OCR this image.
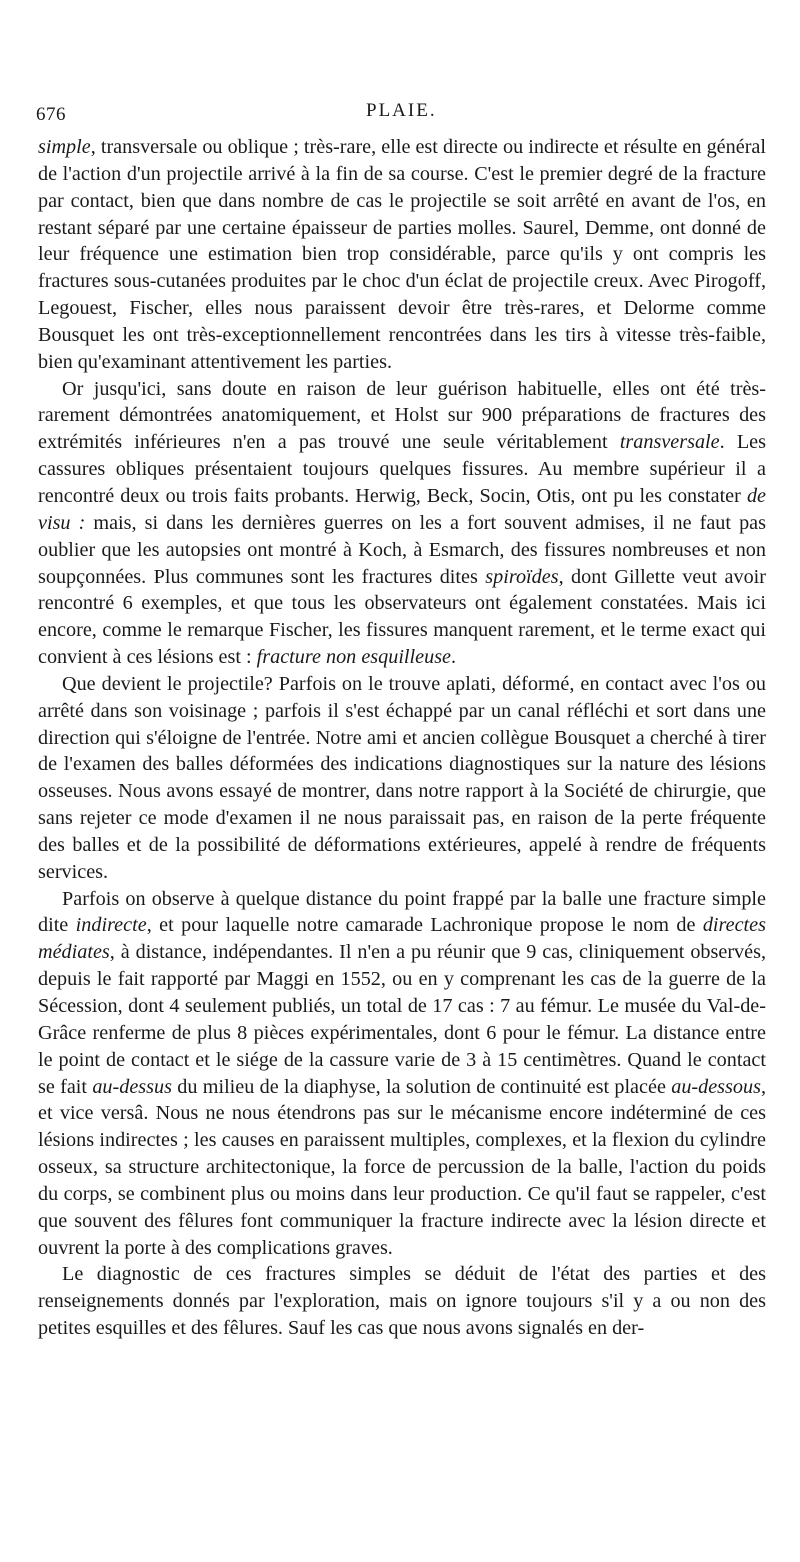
676	PLAIE.

simple, transversale ou oblique ; très-rare, elle est directe ou indirecte et résulte en général de l'action d'un projectile arrivé à la fin de sa course. C'est le premier degré de la fracture par contact, bien que dans nombre de cas le projectile se soit arrêté en avant de l'os, en restant séparé par une certaine épaisseur de parties molles. Saurel, Demme, ont donné de leur fréquence une estimation bien trop considérable, parce qu'ils y ont compris les fractures sous-cutanées produites par le choc d'un éclat de projectile creux. Avec Pirogoff, Legouest, Fischer, elles nous paraissent devoir être très-rares, et Delorme comme Bousquet les ont très-exceptionnellement rencontrées dans les tirs à vitesse très-faible, bien qu'examinant attentivement les parties.

Or jusqu'ici, sans doute en raison de leur guérison habituelle, elles ont été très-rarement démontrées anatomiquement, et Holst sur 900 préparations de fractures des extrémités inférieures n'en a pas trouvé une seule véritablement transversale. Les cassures obliques présentaient toujours quelques fissures. Au membre supérieur il a rencontré deux ou trois faits probants. Herwig, Beck, Socin, Otis, ont pu les constater de visu : mais, si dans les dernières guerres on les a fort souvent admises, il ne faut pas oublier que les autopsies ont montré à Koch, à Esmarch, des fissures nombreuses et non soupçonnées. Plus communes sont les fractures dites spiroïdes, dont Gillette veut avoir rencontré 6 exemples, et que tous les observateurs ont également constatées. Mais ici encore, comme le remarque Fischer, les fissures manquent rarement, et le terme exact qui convient à ces lésions est : fracture non esquilleuse.

Que devient le projectile? Parfois on le trouve aplati, déformé, en contact avec l'os ou arrêté dans son voisinage ; parfois il s'est échappé par un canal réfléchi et sort dans une direction qui s'éloigne de l'entrée. Notre ami et ancien collègue Bousquet a cherché à tirer de l'examen des balles déformées des indications diagnostiques sur la nature des lésions osseuses. Nous avons essayé de montrer, dans notre rapport à la Société de chirurgie, que sans rejeter ce mode d'examen il ne nous paraissait pas, en raison de la perte fréquente des balles et de la possibilité de déformations extérieures, appelé à rendre de fréquents services.

Parfois on observe à quelque distance du point frappé par la balle une fracture simple dite indirecte, et pour laquelle notre camarade Lachronique propose le nom de directes médiates, à distance, indépendantes. Il n'en a pu réunir que 9 cas, cliniquement observés, depuis le fait rapporté par Maggi en 1552, ou en y comprenant les cas de la guerre de la Sécession, dont 4 seulement publiés, un total de 17 cas : 7 au fémur. Le musée du Val-de-Grâce renferme de plus 8 pièces expérimentales, dont 6 pour le fémur. La distance entre le point de contact et le siége de la cassure varie de 3 à 15 centimètres. Quand le contact se fait au-dessus du milieu de la diaphyse, la solution de continuité est placée au-dessous, et vice versâ. Nous ne nous étendrons pas sur le mécanisme encore indéterminé de ces lésions indirectes ; les causes en paraissent multiples, complexes, et la flexion du cylindre osseux, sa structure architectonique, la force de percussion de la balle, l'action du poids du corps, se combinent plus ou moins dans leur production. Ce qu'il faut se rappeler, c'est que souvent des fêlures font communiquer la fracture indirecte avec la lésion directe et ouvrent la porte à des complications graves.

Le diagnostic de ces fractures simples se déduit de l'état des parties et des renseignements donnés par l'exploration, mais on ignore toujours s'il y a ou non des petites esquilles et des fêlures. Sauf les cas que nous avons signalés en der-
